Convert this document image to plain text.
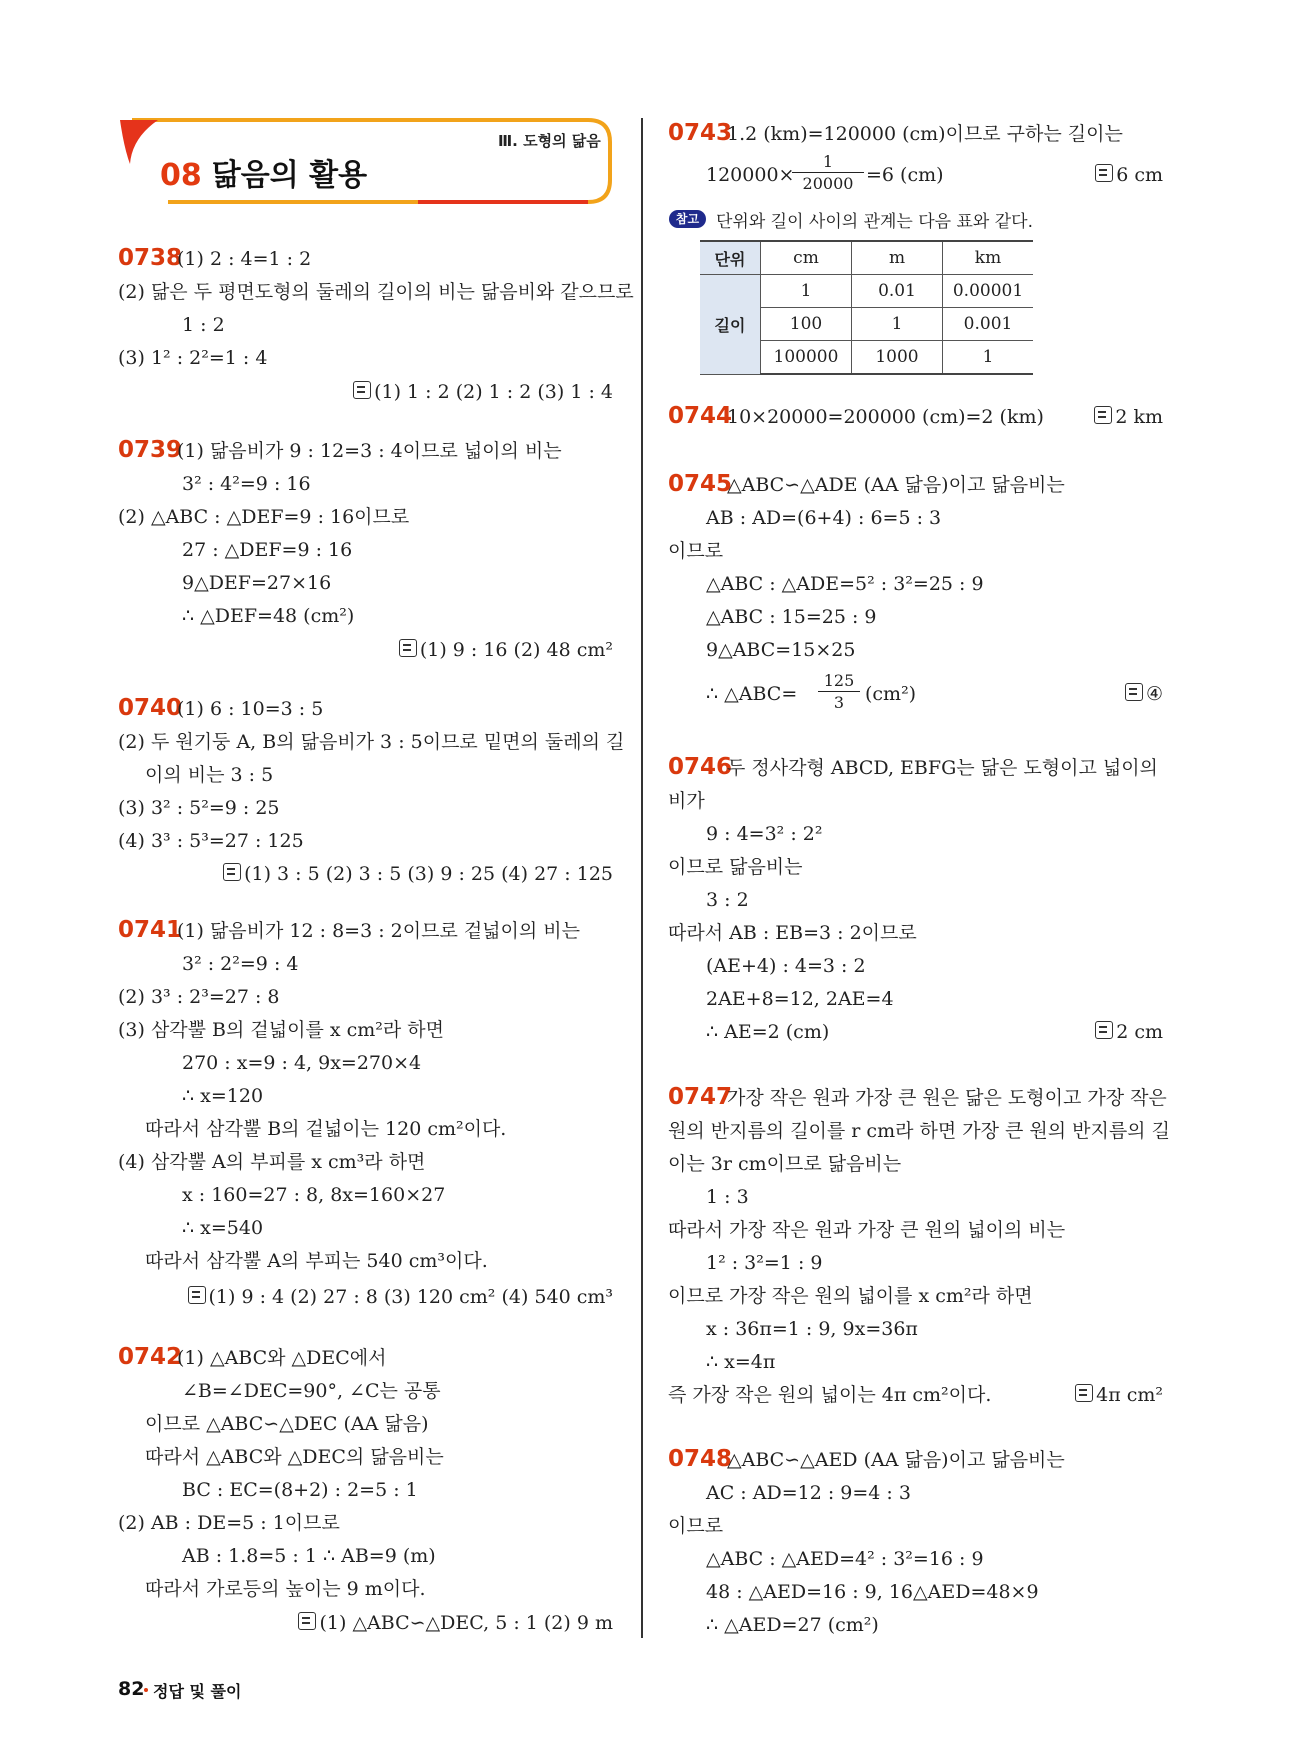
Ⅲ. 도형의 닮음
08 닮음의 활용
0738
(1) 2 : 4=1 : 2
(2) 닮은 두 평면도형의 둘레의 길이의 비는 닮음비와 같으므로
1 : 2
(3) 1² : 2²=1 : 4
(1) 1 : 2 (2) 1 : 2 (3) 1 : 4
0739
(1) 닮음비가 9 : 12=3 : 4이므로 넓이의 비는
3² : 4²=9 : 16
(2) △ABC : △DEF=9 : 16이므로
27 : △DEF=9 : 16
9△DEF=27×16
∴ △DEF=48 (cm²)
(1) 9 : 16 (2) 48 cm²
0740
(1) 6 : 10=3 : 5
(2) 두 원기둥 A, B의 닮음비가 3 : 5이므로 밑면의 둘레의 길
이의 비는 3 : 5
(3) 3² : 5²=9 : 25
(4) 3³ : 5³=27 : 125
(1) 3 : 5 (2) 3 : 5 (3) 9 : 25 (4) 27 : 125
0741
(1) 닮음비가 12 : 8=3 : 2이므로 겉넓이의 비는
3² : 2²=9 : 4
(2) 3³ : 2³=27 : 8
(3) 삼각뿔 B의 겉넓이를 x cm²라 하면
270 : x=9 : 4, 9x=270×4
∴ x=120
따라서 삼각뿔 B의 겉넓이는 120 cm²이다.
(4) 삼각뿔 A의 부피를 x cm³라 하면
x : 160=27 : 8, 8x=160×27
∴ x=540
따라서 삼각뿔 A의 부피는 540 cm³이다.
(1) 9 : 4 (2) 27 : 8 (3) 120 cm² (4) 540 cm³
0742
(1) △ABC와 △DEC에서
∠B=∠DEC=90°, ∠C는 공통
이므로 △ABC∽△DEC (AA 닮음)
따라서 △ABC와 △DEC의 닮음비는
BC : EC=(8+2) : 2=5 : 1
(2) AB : DE=5 : 1이므로
AB : 1.8=5 : 1 ∴ AB=9 (m)
따라서 가로등의 높이는 9 m이다.
(1) △ABC∽△DEC, 5 : 1 (2) 9 m
0743
1.2 (km)=120000 (cm)이므로 구하는 길이는
120000×
1
20000 =6 (cm)	6 cm
참고 단위와 길이 사이의 관계는 다음 표와 같다.
단위	cm	m	km
길이	1	0.01	0.00001
	100	1	0.001
	100000	1000	1
0744
10×20000=200000 (cm)=2 (km)	2 km
0745
△ABC∽△ADE (AA 닮음)이고 닮음비는
AB : AD=(6+4) : 6=5 : 3
이므로
△ABC : △ADE=5² : 3²=25 : 9
△ABC : 15=25 : 9
9△ABC=15×25
∴ △ABC=
125
3	(cm²)	④
0746
두 정사각형 ABCD, EBFG는 닮은 도형이고 넓이의
비가
9 : 4=3² : 2²
이므로 닮음비는
3 : 2
따라서 AB : EB=3 : 2이므로
(AE+4) : 4=3 : 2
2AE+8=12, 2AE=4
∴ AE=2 (cm)	2 cm
0747
가장 작은 원과 가장 큰 원은 닮은 도형이고 가장 작은
원의 반지름의 길이를 r cm라 하면 가장 큰 원의 반지름의 길
이는 3r cm이므로 닮음비는
1 : 3
따라서 가장 작은 원과 가장 큰 원의 넓이의 비는
1² : 3²=1 : 9
이므로 가장 작은 원의 넓이를 x cm²라 하면
x : 36π=1 : 9, 9x=36π
∴ x=4π
즉 가장 작은 원의 넓이는 4π cm²이다.	4π cm²
0748
△ABC∽△AED (AA 닮음)이고 닮음비는
AC : AD=12 : 9=4 : 3
이므로
△ABC : △AED=4² : 3²=16 : 9
48 : △AED=16 : 9, 16△AED=48×9
∴ △AED=27 (cm²)
82 정답 및 풀이
